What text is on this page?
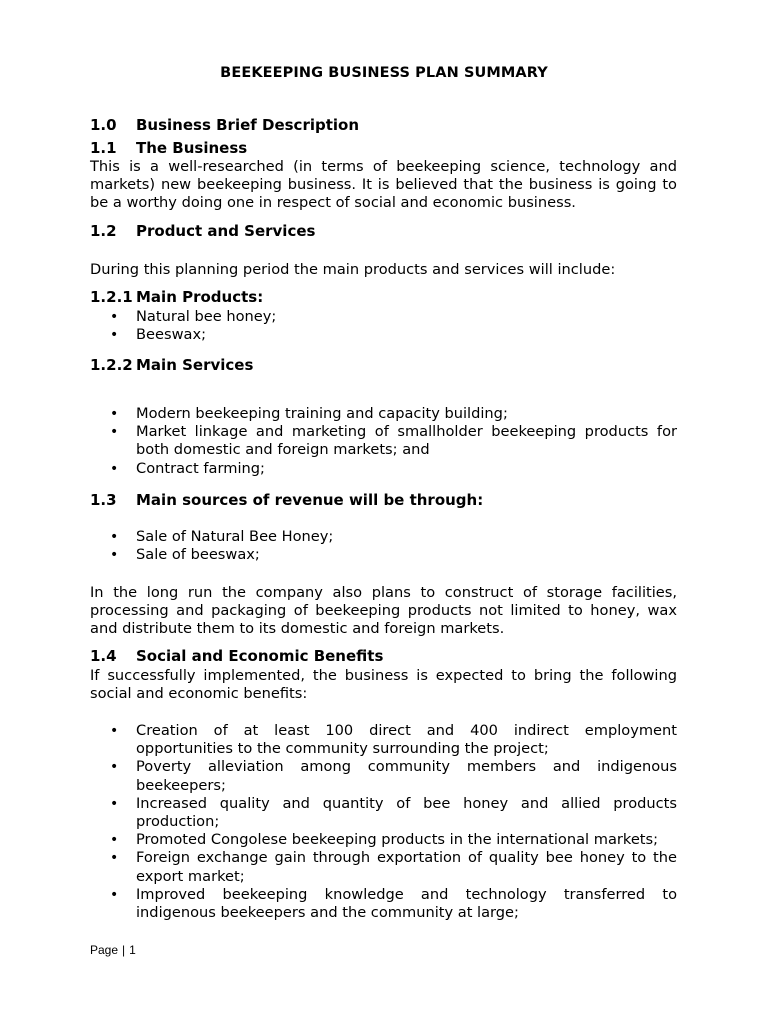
BEEKEEPING BUSINESS PLAN SUMMARY
1.0 Business Brief Description
1.1 The Business
This is a well-researched (in terms of beekeeping science, technology and markets) new beekeeping business. It is believed that the business is going to be a worthy doing one in respect of social and economic business.
1.2 Product and Services
During this planning period the main products and services will include:
1.2.1 Main Products:
• Natural bee honey;
• Beeswax;
1.2.2 Main Services
• Modern beekeeping training and capacity building;
• Market linkage and marketing of smallholder beekeeping products for both domestic and foreign markets; and
• Contract farming;
1.3 Main sources of revenue will be through:
• Sale of Natural Bee Honey;
• Sale of beeswax;
In the long run the company also plans to construct of storage facilities, processing and packaging of beekeeping products not limited to honey, wax and distribute them to its domestic and foreign markets.
1.4 Social and Economic Benefits
If successfully implemented, the business is expected to bring the following social and economic benefits:
• Creation of at least 100 direct and 400 indirect employment opportunities to the community surrounding the project;
• Poverty alleviation among community members and indigenous beekeepers;
• Increased quality and quantity of bee honey and allied products production;
• Promoted Congolese beekeeping products in the international markets;
• Foreign exchange gain through exportation of quality bee honey to the export market;
• Improved beekeeping knowledge and technology transferred to indigenous beekeepers and the community at large;
Page | 1
